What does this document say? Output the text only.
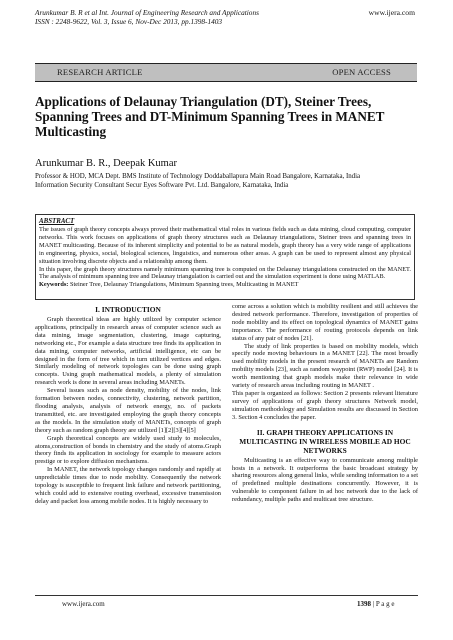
Arunkumar B. R et al Int. Journal of Engineering Research and Applications
ISSN : 2248-9622, Vol. 3, Issue 6, Nov-Dec 2013, pp.1398-1403
www.ijera.com
RESEARCH ARTICLE	OPEN ACCESS
Applications of Delaunay Triangulation (DT), Steiner Trees, Spanning Trees and DT-Minimum Spanning Trees in MANET Multicasting
Arunkumar B. R., Deepak Kumar
Professor & HOD, MCA Dept. BMS Institute of Technology Doddaballapura Main Road Bangalore, Karnataka, India
Information Security Consultant Secur Eyes Software Pvt. Ltd. Bangalore, Karnataka, India
ABSTRACT

The issues of graph theory concepts always proved their mathematical vital roles in various fields such as data mining, cloud computing, computer networks. This work focuses on applications of graph theory structures such as Delaunay triangulations, Steiner trees and spanning trees in MANET multicasting. Because of its inherent simplicity and potential to be as natural models, graph theory has a very wide range of applications in engineering, physics, social, biological sciences, linguistics, and numerous other areas. A graph can be used to represent almost any physical situation involving discrete objects and a relationship among them.

In this paper, the graph theory structures namely minimum spanning tree is computed on the Delaunay triangulations constructed on the MANET. The analysis of minimum spanning tree and Delaunay triangulation is carried out and the simulation experiment is done using MATLAB.

Keywords: Steiner Tree, Delaunay Triangulations, Minimum Spanning trees, Multicasting in MANET
I. INTRODUCTION

Graph theoretical ideas are highly utilized by computer science applications, principally in research areas of computer science such as data mining, image segmentation, clustering, image capturing, networking etc., For example a data structure tree finds its application in data mining, computer networks, artificial intelligence, etc can be designed in the form of tree which in turn utilized vertices and edges. Similarly modeling of network topologies can be done using graph concepts. Using graph mathematical models, a plenty of simulation research work is done in several areas including MANETs.

Several issues such as node density, mobility of the nodes, link formation between nodes, connectivity, clustering, network partition, flooding analysis, analysis of network energy, no. of packets transmitted, etc. are investigated employing the graph theory concepts as the models. In the simulation study of MANETs, concepts of graph theory such as random graph theory are utilized [1][2][3][4][5]

Graph theoretical concepts are widely used study to molecules, atoms,construction of bonds in chemistry and the study of atoms.Graph theory finds its application in sociology for example to measure actors prestige or to explore diffusion mechanisms.

In MANET, the network topology changes randomly and rapidly at unpredictable times due to node mobility. Consequently the network topology is susceptible to frequent link failure and network partitioning, which could add to extensive routing overhead, excessive transmission delay and packet loss among mobile nodes. It is highly necessary to

come across a solution which is mobility resilient and still achieves the desired network performance. Therefore, investigation of properties of node mobility and its effect on topological dynamics of MANET gains importance. The performance of routing protocols depends on link status of any pair of nodes [21].

The study of link properties is based on mobility models, which specify node moving behaviours in a MANET [22]. The most broadly used mobility models in the present research of MANETs are Random mobility models [23], such as random waypoint (RWP) model [24]. It is worth mentioning that graph models make their relevance in wide variety of research areas including routing in MANET .

This paper is organized as follows: Section 2 presents relevant literature survey of applications of graph theory structures Network model, simulation methodology and Simulation results are discussed in Section 3. Section 4 concludes the paper.

II. GRAPH THEORY APPLICATIONS IN MULTICASTING IN WIRELESS MOBILE AD HOC NETWORKS

Multicasting is an effective way to communicate among multiple hosts in a network. It outperforms the basic broadcast strategy by sharing resources along general links, while sending information to a set of predefined multiple destinations concurrently. However, it is vulnerable to component failure in ad hoc network due to the lack of redundancy, multiple paths and multicast tree structure.

www.ijera.com	1398 | P a g e
